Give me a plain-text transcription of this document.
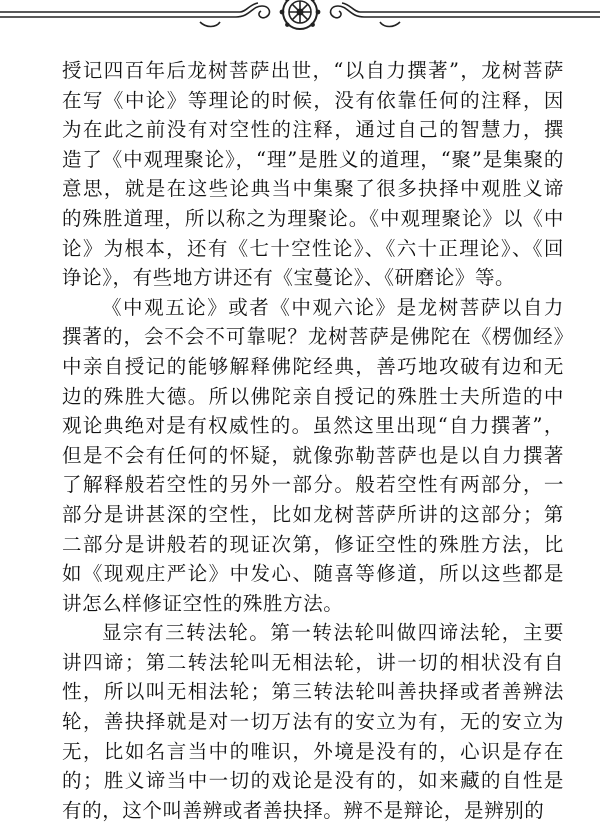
授记四百年后龙树菩萨出世，“以自力撰著”，龙树菩萨在写《中论》等理论的时候，没有依靠任何的注释，因为在此之前没有对空性的注释，通过自己的智慧力，撰造了《中观理聚论》，“理”是胜义的道理，“聚”是集聚的意思，就是在这些论典当中集聚了很多抉择中观胜义谛的殊胜道理，所以称之为理聚论。《中观理聚论》以《中论》为根本，还有《七十空性论》、《六十正理论》、《回诤论》，有些地方讲还有《宝蔓论》、《研磨论》等。

《中观五论》或者《中观六论》是龙树菩萨以自力撰著的，会不会不可靠呢？龙树菩萨是佛陀在《楞伽经》中亲自授记的能够解释佛陀经典，善巧地攻破有边和无边的殊胜大德。所以佛陀亲自授记的殊胜士夫所造的中观论典绝对是有权威性的。虽然这里出现“自力撰著”，但是不会有任何的怀疑，就像弥勒菩萨也是以自力撰著了解释般若空性的另外一部分。般若空性有两部分，一部分是讲甚深的空性，比如龙树菩萨所讲的这部分；第二部分是讲般若的现证次第，修证空性的殊胜方法，比如《现观庄严论》中发心、随喜等修道，所以这些都是讲怎么样修证空性的殊胜方法。

显宗有三转法轮。第一转法轮叫做四谛法轮，主要讲四谛；第二转法轮叫无相法轮，讲一切的相状没有自性，所以叫无相法轮；第三转法轮叫善抉择或者善辨法轮，善抉择就是对一切万法有的安立为有，无的安立为无，比如名言当中的唯识，外境是没有的，心识是存在的；胜义谛当中一切的戏论是没有的，如来藏的自性是有的，这个叫善辨或者善抉择。辨不是辩论，是辨别的
